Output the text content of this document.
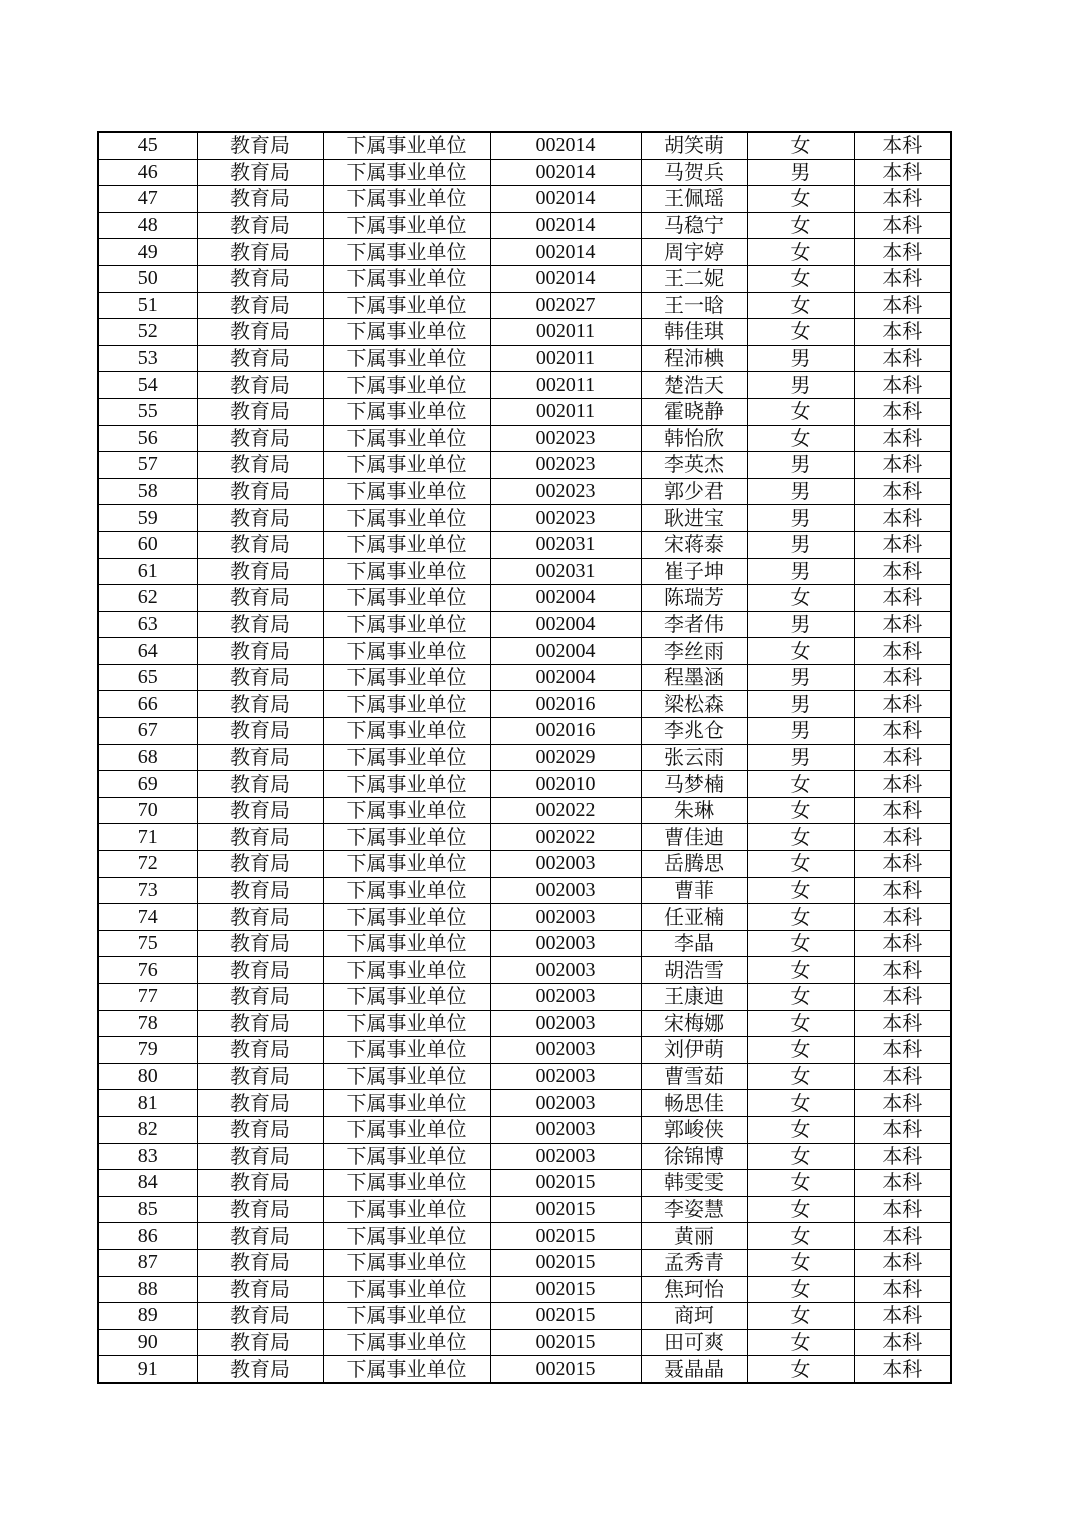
45	教育局	下属事业单位	002014	胡笑萌	女	本科
46	教育局	下属事业单位	002014	马贺兵	男	本科
47	教育局	下属事业单位	002014	王佩瑶	女	本科
48	教育局	下属事业单位	002014	马稳宁	女	本科
49	教育局	下属事业单位	002014	周宇婷	女	本科
50	教育局	下属事业单位	002014	王二妮	女	本科
51	教育局	下属事业单位	002027	王一晗	女	本科
52	教育局	下属事业单位	002011	韩佳琪	女	本科
53	教育局	下属事业单位	002011	程沛椣	男	本科
54	教育局	下属事业单位	002011	楚浩天	男	本科
55	教育局	下属事业单位	002011	霍晓静	女	本科
56	教育局	下属事业单位	002023	韩怡欣	女	本科
57	教育局	下属事业单位	002023	李英杰	男	本科
58	教育局	下属事业单位	002023	郭少君	男	本科
59	教育局	下属事业单位	002023	耿进宝	男	本科
60	教育局	下属事业单位	002031	宋蒋泰	男	本科
61	教育局	下属事业单位	002031	崔子坤	男	本科
62	教育局	下属事业单位	002004	陈瑞芳	女	本科
63	教育局	下属事业单位	002004	李者伟	男	本科
64	教育局	下属事业单位	002004	李丝雨	女	本科
65	教育局	下属事业单位	002004	程墨涵	男	本科
66	教育局	下属事业单位	002016	梁松森	男	本科
67	教育局	下属事业单位	002016	李兆仓	男	本科
68	教育局	下属事业单位	002029	张云雨	男	本科
69	教育局	下属事业单位	002010	马梦楠	女	本科
70	教育局	下属事业单位	002022	朱琳	女	本科
71	教育局	下属事业单位	002022	曹佳迪	女	本科
72	教育局	下属事业单位	002003	岳腾思	女	本科
73	教育局	下属事业单位	002003	曹菲	女	本科
74	教育局	下属事业单位	002003	任亚楠	女	本科
75	教育局	下属事业单位	002003	李晶	女	本科
76	教育局	下属事业单位	002003	胡浩雪	女	本科
77	教育局	下属事业单位	002003	王康迪	女	本科
78	教育局	下属事业单位	002003	宋梅娜	女	本科
79	教育局	下属事业单位	002003	刘伊萌	女	本科
80	教育局	下属事业单位	002003	曹雪茹	女	本科
81	教育局	下属事业单位	002003	畅思佳	女	本科
82	教育局	下属事业单位	002003	郭峻侠	女	本科
83	教育局	下属事业单位	002003	徐锦博	女	本科
84	教育局	下属事业单位	002015	韩雯雯	女	本科
85	教育局	下属事业单位	002015	李姿慧	女	本科
86	教育局	下属事业单位	002015	黄丽	女	本科
87	教育局	下属事业单位	002015	孟秀青	女	本科
88	教育局	下属事业单位	002015	焦珂怡	女	本科
89	教育局	下属事业单位	002015	商珂	女	本科
90	教育局	下属事业单位	002015	田可爽	女	本科
91	教育局	下属事业单位	002015	聂晶晶	女	本科
